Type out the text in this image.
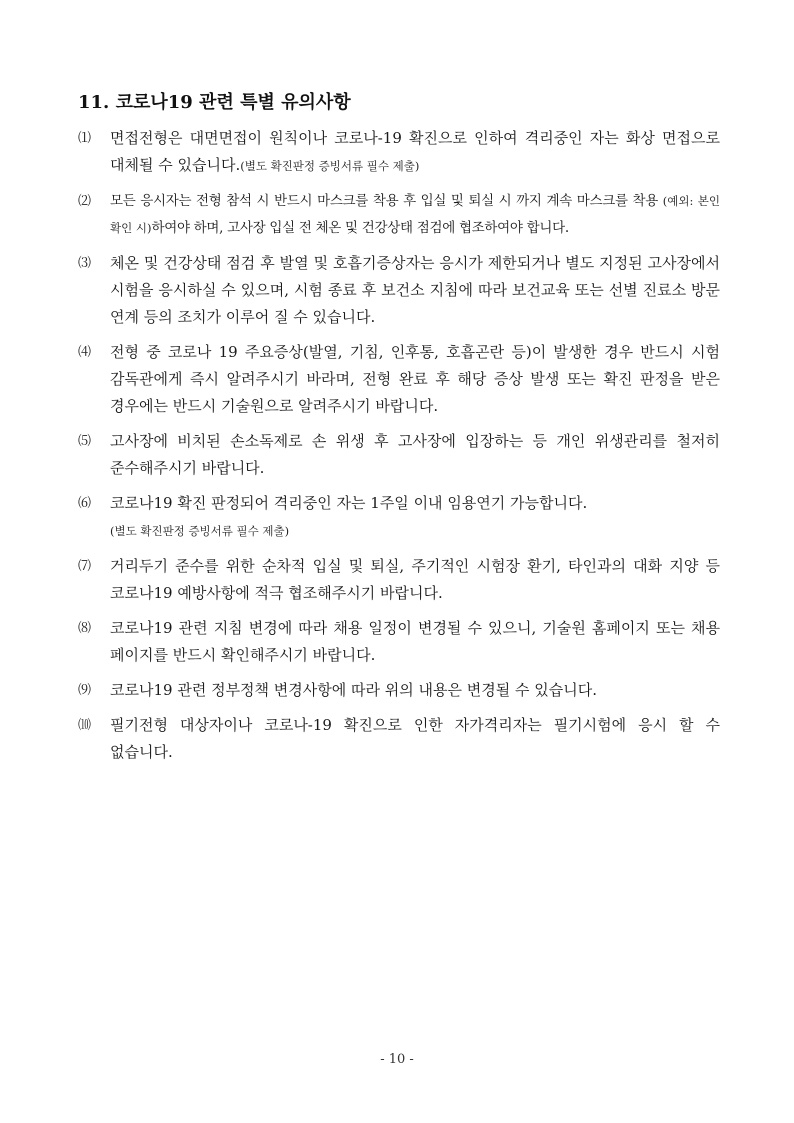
11. 코로나19 관련 특별 유의사항
⑴	면접전형은 대면면접이 원칙이나 코로나-19 확진으로 인하여 격리중인 자는 화상 면접으로 대체될 수 있습니다.(별도 확진판정 증빙서류 필수 제출)
⑵	모든 응시자는 전형 참석 시 반드시 마스크를 착용 후 입실 및 퇴실 시 까지 계속 마스크를 착용 (예외: 본인 확인 시)하여야 하며, 고사장 입실 전 체온 및 건강상태 점검에 협조하여야 합니다.
⑶	체온 및 건강상태 점검 후 발열 및 호흡기증상자는 응시가 제한되거나 별도 지정된 고사장에서 시험을 응시하실 수 있으며, 시험 종료 후 보건소 지침에 따라 보건교육 또는 선별 진료소 방문 연계 등의 조치가 이루어 질 수 있습니다.
⑷	전형 중 코로나 19 주요증상(발열, 기침, 인후통, 호흡곤란 등)이 발생한 경우 반드시 시험 감독관에게 즉시 알려주시기 바라며, 전형 완료 후 해당 증상 발생 또는 확진 판정을 받은 경우에는 반드시 기술원으로 알려주시기 바랍니다.
⑸	고사장에 비치된 손소독제로 손 위생 후 고사장에 입장하는 등 개인 위생관리를 철저히 준수해주시기 바랍니다.
⑹	코로나19 확진 판정되어 격리중인 자는 1주일 이내 임용연기 가능합니다.
(별도 확진판정 증빙서류 필수 제출)
⑺	거리두기 준수를 위한 순차적 입실 및 퇴실, 주기적인 시험장 환기, 타인과의 대화 지양 등 코로나19 예방사항에 적극 협조해주시기 바랍니다.
⑻	코로나19 관련 지침 변경에 따라 채용 일정이 변경될 수 있으니, 기술원 홈페이지 또는 채용 페이지를 반드시 확인해주시기 바랍니다.
⑼	코로나19 관련 정부정책 변경사항에 따라 위의 내용은 변경될 수 있습니다.
⑽	필기전형 대상자이나 코로나-19 확진으로 인한 자가격리자는 필기시험에 응시 할 수 없습니다.
- 10 -
